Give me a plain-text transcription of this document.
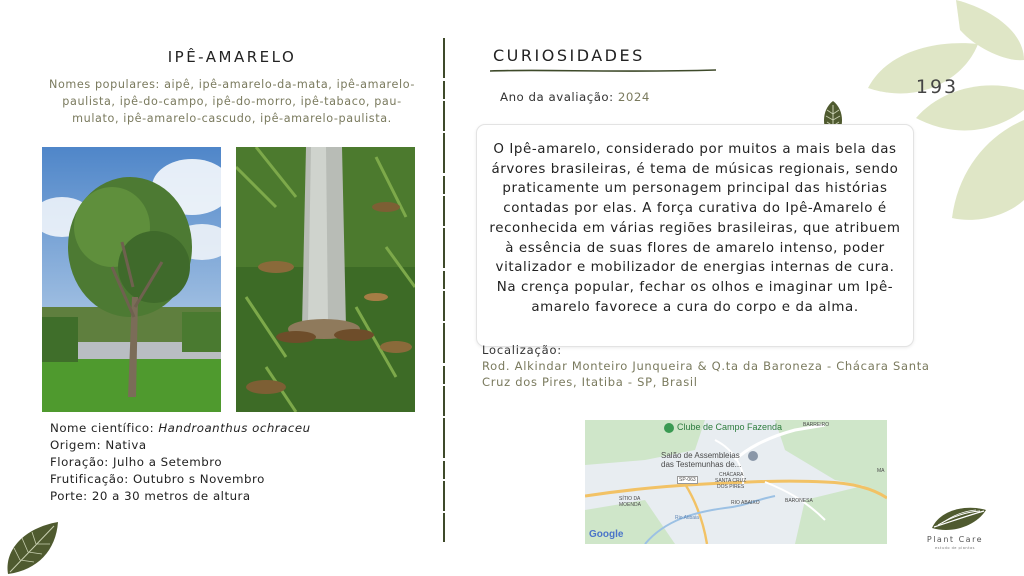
193
IPÊ-AMARELO
Nomes populares: aipê, ipê-amarelo-da-mata, ipê-amarelo-paulista, ipê-do-campo, ipê-do-morro, ipê-tabaco, pau-mulato, ipê-amarelo-cascudo, ipê-amarelo-paulista.
Nome científico: Handroanthus ochraceu
Origem: Nativa
Floração: Julho a Setembro
Frutificação: Outubro s Novembro
Porte: 20 a 30 metros de altura
CURIOSIDADES
Ano da avaliação: 2024
O Ipê-amarelo, considerado por muitos a mais bela das árvores brasileiras, é tema de músicas regionais, sendo praticamente um personagem principal das histórias contadas por elas. A força curativa do Ipê-Amarelo é reconhecida em várias regiões brasileiras, que atribuem à essência de suas flores de amarelo intenso, poder vitalizador e mobilizador de energias internas de cura. Na crença popular, fechar os olhos e imaginar um Ipê-amarelo favorece a cura do corpo e da alma.
Localização:
Rod. Alkindar Monteiro Junqueira & Q.ta da Baroneza - Chácara Santa Cruz dos Pires, Itatiba - SP, Brasil
Clube de Campo Fazenda	BARREIRO
Salão de Assembleias
das Testemunhas de...
SP-063
CHÁCARA
SANTA CRUZ
DOS PIRES
BARONESA
SÍTIO DA
MOENDA	RIO ABAIXO
Rio Atibaia
MA
Google	Plant Care
estudo de plantas
